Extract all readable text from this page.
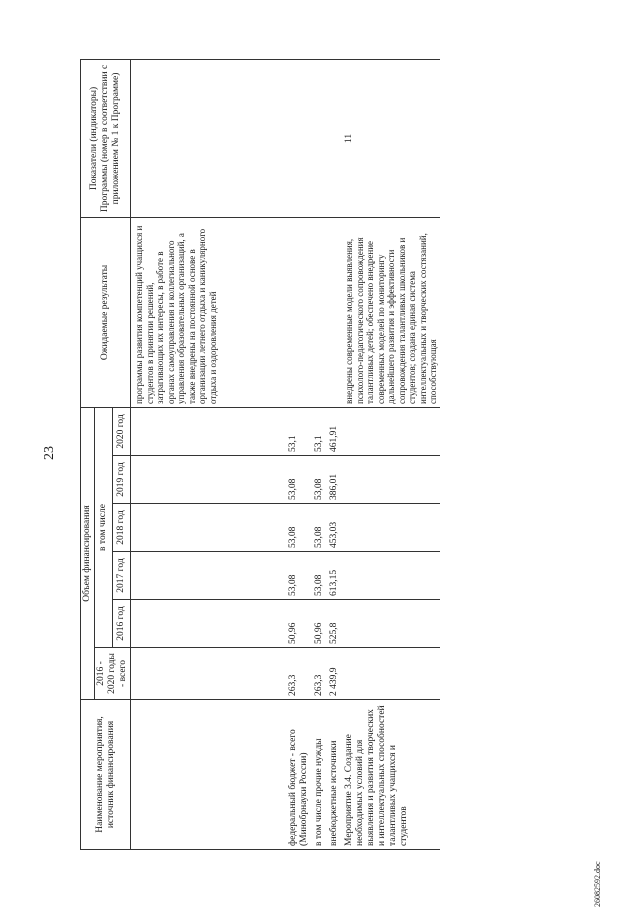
23
26082592.doc
Наименование мероприятия, источник финансирования	Объем финансирования						Ожидаемые результаты	Показатели (индикаторы) Программы (номер в соответствии с приложением № 1 к Программе)
	2016 - 2020 годы - всего	в том числе						
		2016 год	2017 год	2018 год	2019 год	2020 год		
							программы развития компетенций учащихся и студентов в принятии решений, затрагивающих их интересы, в работе в органах самоуправления и коллегиального управления образовательных организаций, а также внедрены на постоянной основе в организации летнего отдыха и каникулярного отдыха и оздоровления детей	
федеральный бюджет - всего (Минобрнауки России)	263,3	50,96	53,08	53,08	53,08	53,1		
в том числе прочие нужды	263,3	50,96	53,08	53,08	53,08	53,1		
внебюджетные источники	2 439,9	525,8	613,15	453,03	386,01	461,91		
Мероприятие 3.4. Создание необходимых условий для выявления и развития творческих и интеллектуальных способностей талантливых учащихся и студентов							внедрены современные модели выявления, психолого-педагогического сопровождения талантливых детей; обеспечено внедрение современных моделей по мониторингу дальнейшего развития и эффективности сопровождения талантливых школьников и студентов; создана единая система интеллектуальных и творческих состязаний, способствующая	11
